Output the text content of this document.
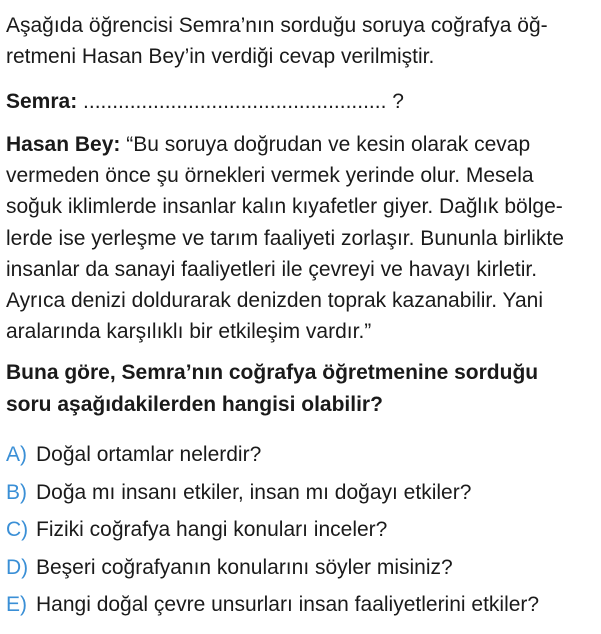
Aşağıda öğrencisi Semra’nın sorduğu soruya coğrafya öğ-
retmeni Hasan Bey’in verdiği cevap verilmiştir.
Semra: .................................................... ?
Hasan Bey: “Bu soruya doğrudan ve kesin olarak cevap
vermeden önce şu örnekleri vermek yerinde olur. Mesela
soğuk iklimlerde insanlar kalın kıyafetler giyer. Dağlık bölge-
lerde ise yerleşme ve tarım faaliyeti zorlaşır. Bununla birlikte
insanlar da sanayi faaliyetleri ile çevreyi ve havayı kirletir.
Ayrıca denizi doldurarak denizden toprak kazanabilir. Yani
aralarında karşılıklı bir etkileşim vardır.”
Buna göre, Semra’nın coğrafya öğretmenine sorduğu
soru aşağıdakilerden hangisi olabilir?
A) Doğal ortamlar nelerdir?
B) Doğa mı insanı etkiler, insan mı doğayı etkiler?
C) Fiziki coğrafya hangi konuları inceler?
D) Beşeri coğrafyanın konularını söyler misiniz?
E) Hangi doğal çevre unsurları insan faaliyetlerini etkiler?
